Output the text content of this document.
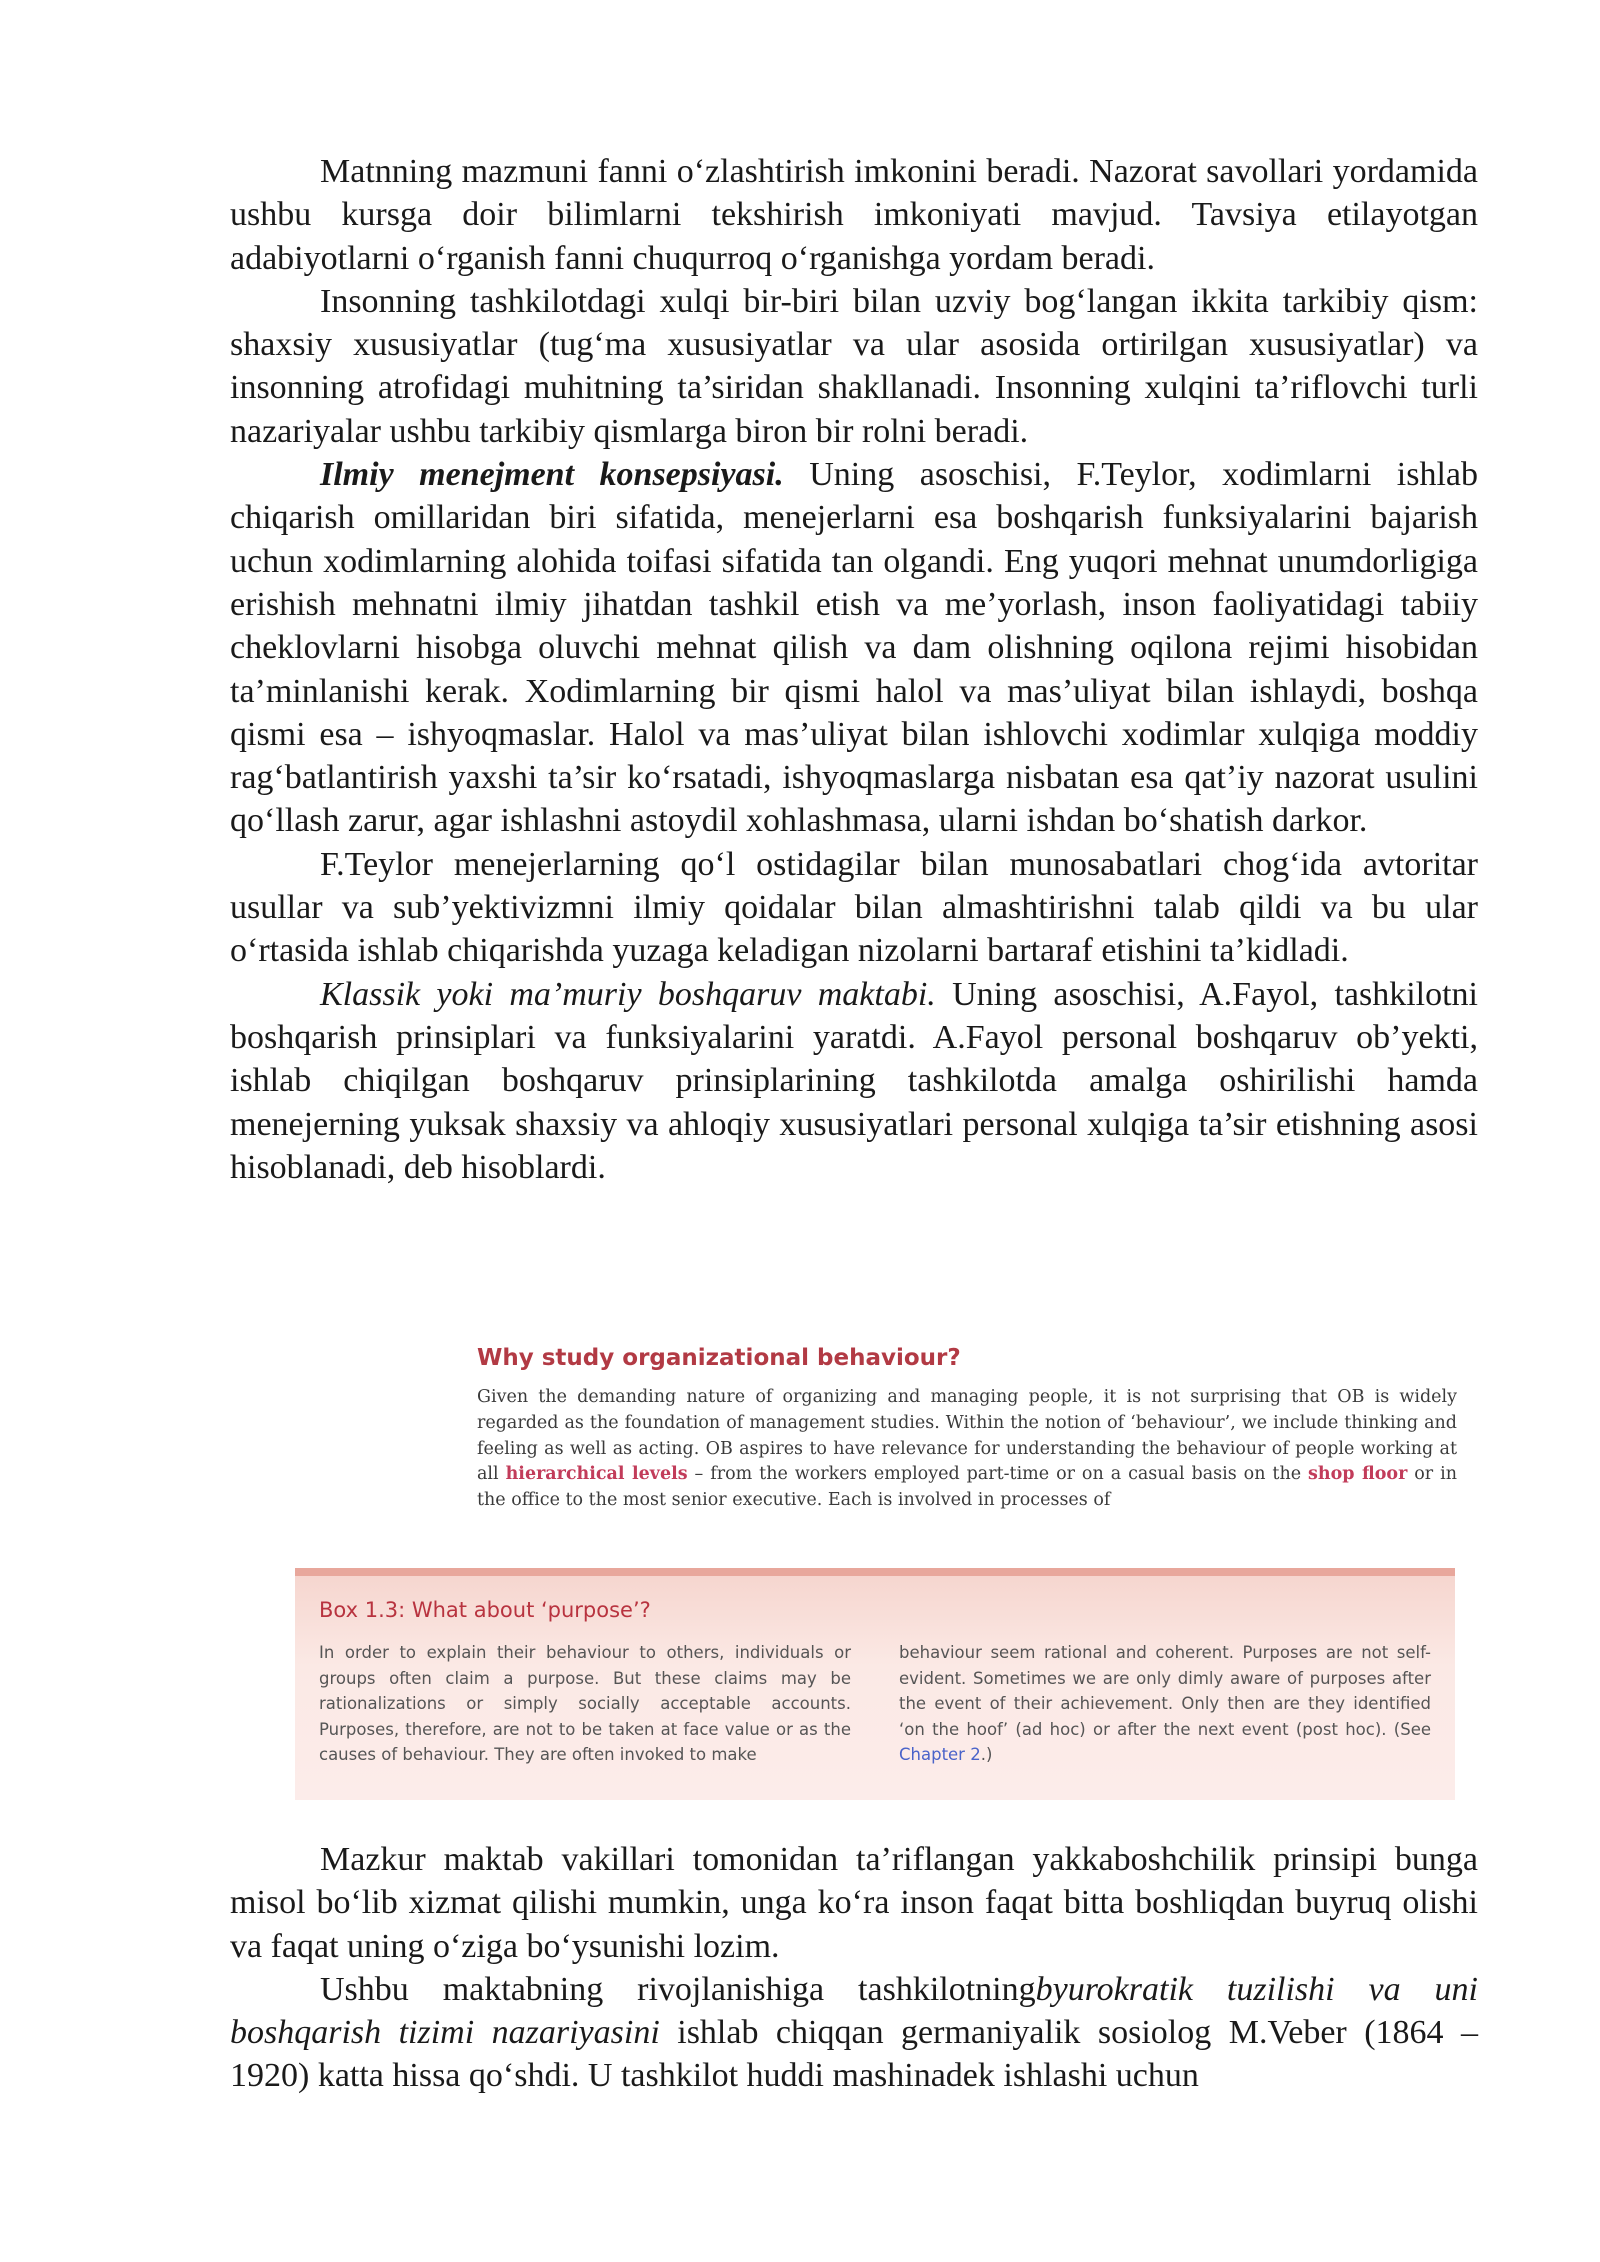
Matnning mazmuni fanni o‘zlashtirish imkonini beradi. Nazorat savollari yordamida ushbu kursga doir bilimlarni tekshirish imkoniyati mavjud. Tavsiya etilayotgan adabiyotlarni o‘rganish fanni chuqurroq o‘rganishga yordam beradi.

Insonning tashkilotdagi xulqi bir-biri bilan uzviy bog‘langan ikkita tarkibiy qism: shaxsiy xususiyatlar (tug‘ma xususiyatlar va ular asosida ortirilgan xususiyatlar) va insonning atrofidagi muhitning ta’siridan shakllanadi. Insonning xulqini ta’riflovchi turli nazariyalar ushbu tarkibiy qismlarga biron bir rolni beradi.

Ilmiy menejment konsepsiyasi. Uning asoschisi, F.Teylor, xodimlarni ishlab chiqarish omillaridan biri sifatida, menejerlarni esa boshqarish funksiyalarini bajarish uchun xodimlarning alohida toifasi sifatida tan olgandi. Eng yuqori mehnat unumdorligiga erishish mehnatni ilmiy jihatdan tashkil etish va me’yorlash, inson faoliyatidagi tabiiy cheklovlarni hisobga oluvchi mehnat qilish va dam olishning oqilona rejimi hisobidan ta’minlanishi kerak. Xodimlarning bir qismi halol va mas’uliyat bilan ishlaydi, boshqa qismi esa – ishyoqmaslar. Halol va mas’uliyat bilan ishlovchi xodimlar xulqiga moddiy rag‘batlantirish yaxshi ta’sir ko‘rsatadi, ishyoqmaslarga nisbatan esa qat’iy nazorat usulini qo‘llash zarur, agar ishlashni astoydil xohlashmasa, ularni ishdan bo‘shatish darkor.

F.Teylor menejerlarning qo‘l ostidagilar bilan munosabatlari chog‘ida avtoritar usullar va sub’yektivizmni ilmiy qoidalar bilan almashtirishni talab qildi va bu ular o‘rtasida ishlab chiqarishda yuzaga keladigan nizolarni bartaraf etishini ta’kidladi.

Klassik yoki ma’muriy boshqaruv maktabi. Uning asoschisi, A.Fayol, tashkilotni boshqarish prinsiplari va funksiyalarini yaratdi. A.Fayol personal boshqaruv ob’yekti, ishlab chiqilgan boshqaruv prinsiplarining tashkilotda amalga oshirilishi hamda menejerning yuksak shaxsiy va ahloqiy xususiyatlari personal xulqiga ta’sir etishning asosi hisoblanadi, deb hisoblardi.

Why study organizational behaviour?

Given the demanding nature of organizing and managing people, it is not surprising that OB is widely regarded as the foundation of management studies. Within the notion of ‘behaviour’, we include thinking and feeling as well as acting. OB aspires to have relevance for understanding the behaviour of people working at all hierarchical levels – from the workers employed part-time or on a casual basis on the shop floor or in the office to the most senior executive. Each is involved in processes of

Box 1.3: What about ‘purpose’?

In order to explain their behaviour to others, individuals or groups often claim a purpose. But these claims may be rationalizations or simply socially acceptable accounts. Purposes, therefore, are not to be taken at face value or as the causes of behaviour. They are often invoked to make

behaviour seem rational and coherent. Purposes are not self-evident. Sometimes we are only dimly aware of purposes after the event of their achievement. Only then are they identified ‘on the hoof’ (ad hoc) or after the next event (post hoc). (See Chapter 2.)

Mazkur maktab vakillari tomonidan ta’riflangan yakkaboshchilik prinsipi bunga misol bo‘lib xizmat qilishi mumkin, unga ko‘ra inson faqat bitta boshliqdan buyruq olishi va faqat uning o‘ziga bo‘ysunishi lozim.

Ushbu maktabning rivojlanishiga tashkilotningbyurokratik tuzilishi va uni boshqarish tizimi nazariyasini ishlab chiqqan germaniyalik sosiolog M.Veber (1864 – 1920) katta hissa qo‘shdi. U tashkilot huddi mashinadek ishlashi uchun
